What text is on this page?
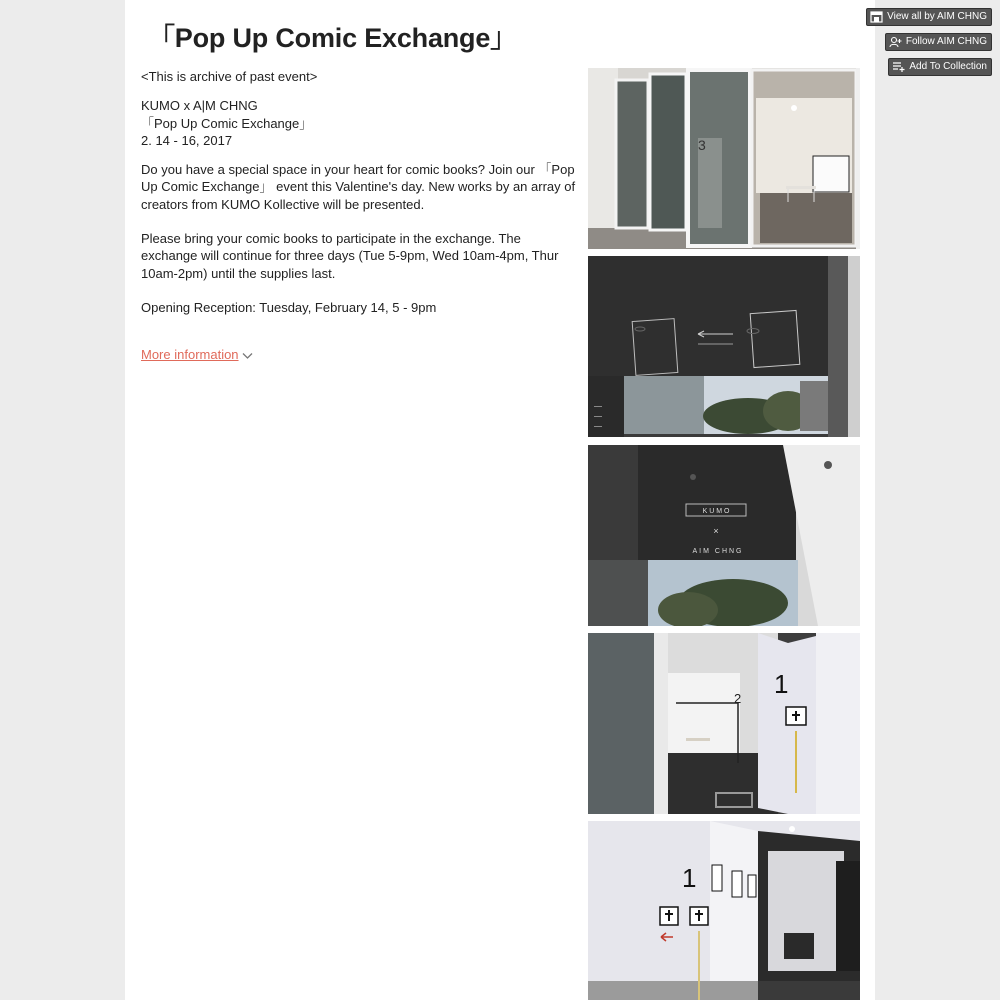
「Pop Up Comic Exchange」

<This is archive of past event>

KUMO x A|M CHNG

「Pop Up Comic Exchange」

2. 14 - 16, 2017

Do you have a special space in your heart for comic books? Join our 「Pop Up Comic Exchange」 event this Valentine's day. New works by an array of creators from KUMO Kollective will be presented.

Please bring your comic books to participate in the exchange. The exchange will continue for three days (Tue 5-9pm, Wed 10am-4pm, Thur 10am-2pm) until the supplies last.

Opening Reception: Tuesday, February 14, 5 - 9pm

More information
3
K U M O
×
AIM CHNG
2 1
1
View all by AIM CHNG
Follow AIM CHNG
Add To Collection
